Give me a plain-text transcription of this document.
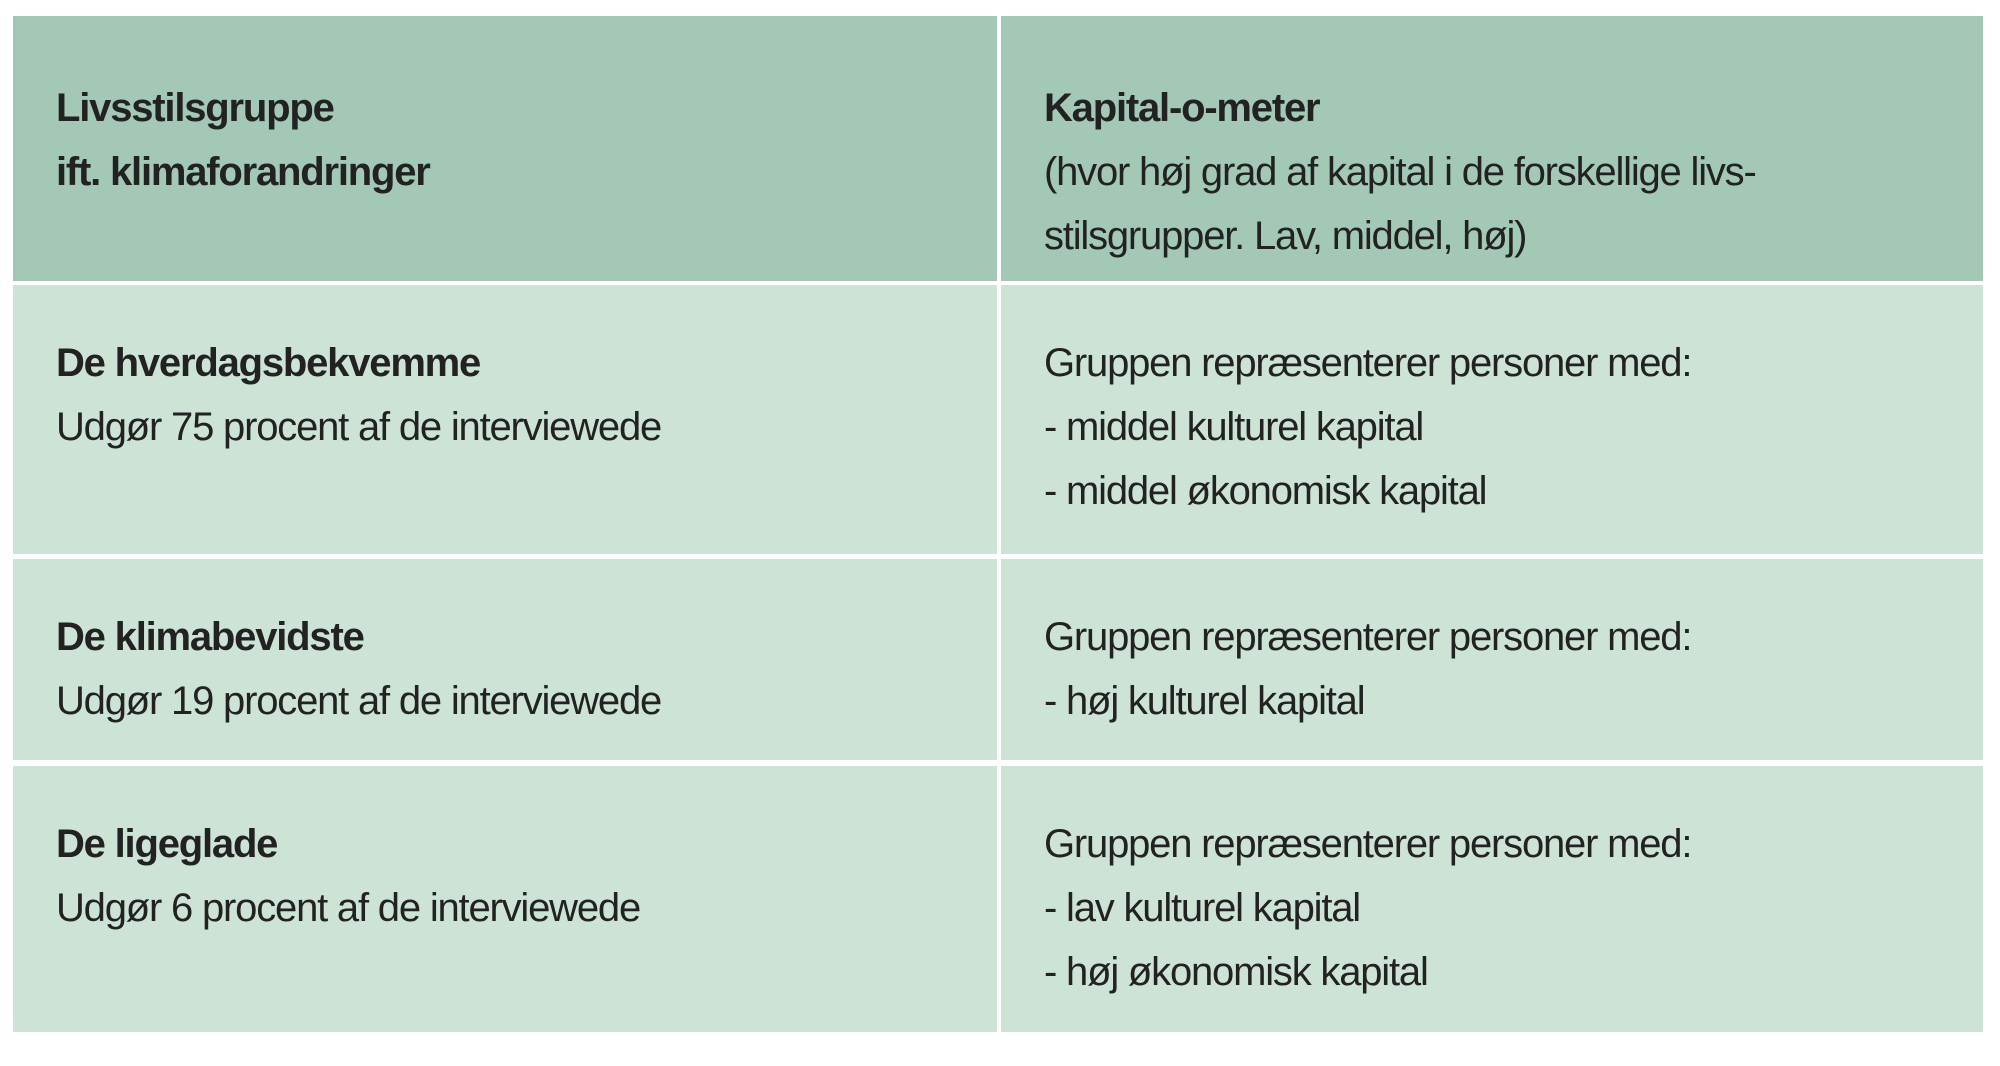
Livsstilsgruppe
ift. klimaforandringer
Kapital-o-meter
(hvor høj grad af kapital i de forskellige livs-
stilsgrupper. Lav, middel, høj)
De hverdagsbekvemme
Udgør 75 procent af de interviewede
Gruppen repræsenterer personer med:
- middel kulturel kapital
- middel økonomisk kapital
De klimabevidste
Udgør 19 procent af de interviewede
Gruppen repræsenterer personer med:
- høj kulturel kapital
De ligeglade
Udgør 6 procent af de interviewede
Gruppen repræsenterer personer med:
- lav kulturel kapital
- høj økonomisk kapital
